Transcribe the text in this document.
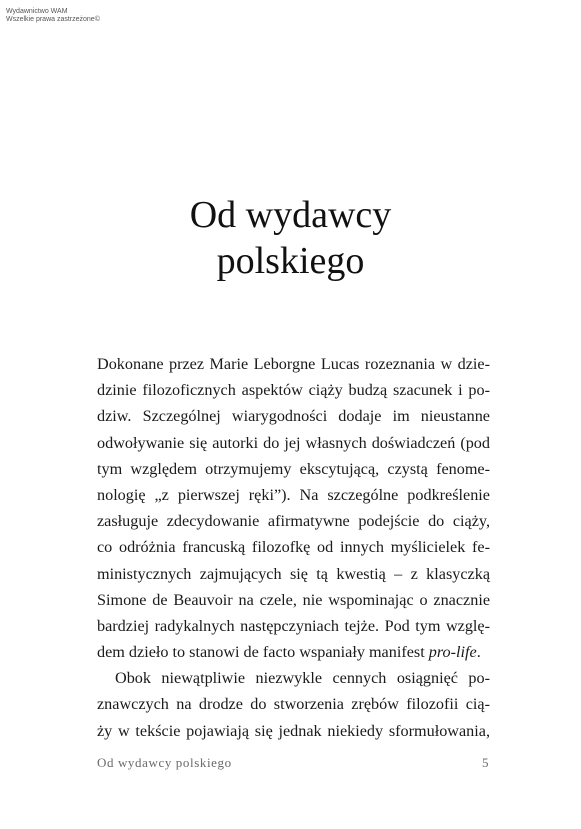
Wydawnictwo WAM
Wszelkie prawa zastrzeżone©
Od wydawcy
polskiego
Dokonane przez Marie Leborgne Lucas rozeznania w dzie-
dzinie filozoficznych aspektów ciąży budzą szacunek i po-
dziw. Szczególnej wiarygodności dodaje im nieustanne
odwoływanie się autorki do jej własnych doświadczeń (pod
tym względem otrzymujemy ekscytującą, czystą fenome-
nologię „z pierwszej ręki”). Na szczególne podkreślenie
zasługuje zdecydowanie afirmatywne podejście do ciąży,
co odróżnia francuską filozofkę od innych myślicielek fe-
ministycznych zajmujących się tą kwestią – z klasyczką
Simone de Beauvoir na czele, nie wspominając o znacznie
bardziej radykalnych następczyniach tejże. Pod tym wzglę-
dem dzieło to stanowi de facto wspaniały manifest pro-life.
Obok niewątpliwie niezwykle cennych osiągnięć po-
znawczych na drodze do stworzenia zrębów filozofii cią-
ży w tekście pojawiają się jednak niekiedy sformułowania,
Od wydawcy polskiego	5
